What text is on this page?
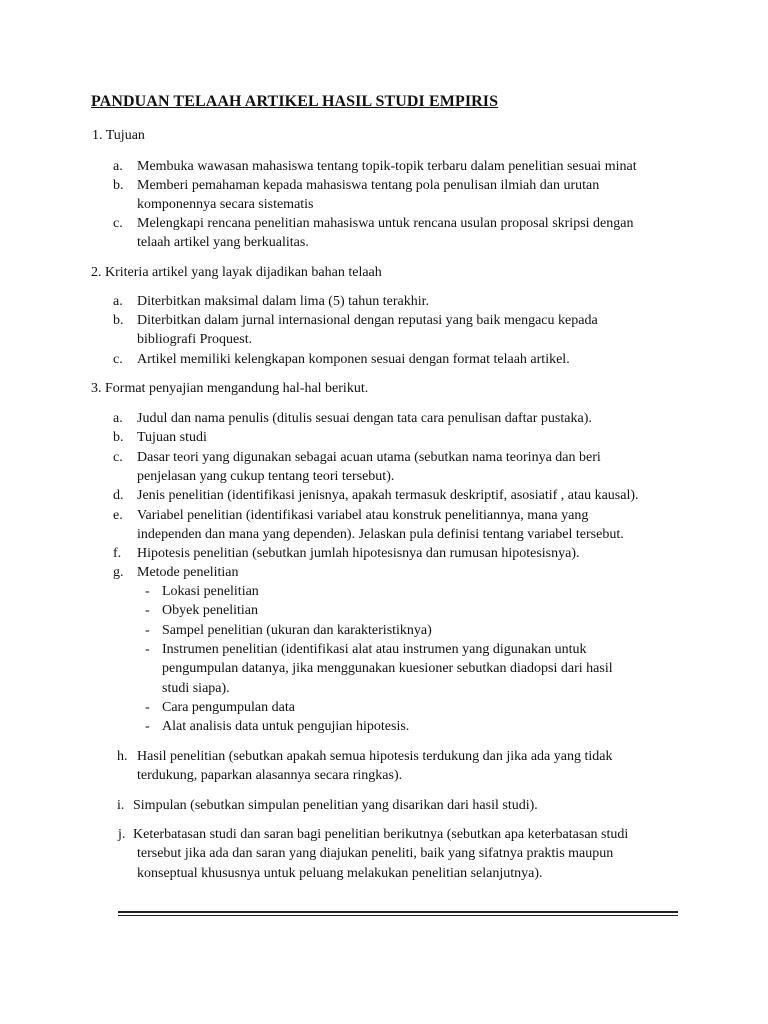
PANDUAN TELAAH ARTIKEL HASIL STUDI EMPIRIS

1. Tujuan

a. Membuka wawasan mahasiswa tentang topik-topik terbaru dalam penelitian sesuai minat

b. Memberi pemahaman kepada mahasiswa tentang pola penulisan ilmiah dan urutan

komponennya secara sistematis

c. Melengkapi rencana penelitian mahasiswa untuk rencana usulan proposal skripsi dengan

telaah artikel yang berkualitas.

2. Kriteria artikel yang layak dijadikan bahan telaah

a. Diterbitkan maksimal dalam lima (5) tahun terakhir.

b. Diterbitkan dalam jurnal internasional dengan reputasi yang baik mengacu kepada

bibliografi Proquest.

c. Artikel memiliki kelengkapan komponen sesuai dengan format telaah artikel.

3. Format penyajian mengandung hal-hal berikut.

a. Judul dan nama penulis (ditulis sesuai dengan tata cara penulisan daftar pustaka).

b. Tujuan studi

c. Dasar teori yang digunakan sebagai acuan utama (sebutkan nama teorinya dan beri

penjelasan yang cukup tentang teori tersebut).

d. Jenis penelitian (identifikasi jenisnya, apakah termasuk deskriptif, asosiatif , atau kausal).

e. Variabel penelitian (identifikasi variabel atau konstruk penelitiannya, mana yang

independen dan mana yang dependen). Jelaskan pula definisi tentang variabel tersebut.

f. Hipotesis penelitian (sebutkan jumlah hipotesisnya dan rumusan hipotesisnya).

g. Metode penelitian

- Lokasi penelitian

- Obyek penelitian

- Sampel penelitian (ukuran dan karakteristiknya)

- Instrumen penelitian (identifikasi alat atau instrumen yang digunakan untuk

pengumpulan datanya, jika menggunakan kuesioner sebutkan diadopsi dari hasil

studi siapa).

- Cara pengumpulan data

- Alat analisis data untuk pengujian hipotesis.

h. Hasil penelitian (sebutkan apakah semua hipotesis terdukung dan jika ada yang tidak

terdukung, paparkan alasannya secara ringkas).

i. Simpulan (sebutkan simpulan penelitian yang disarikan dari hasil studi).

j. Keterbatasan studi dan saran bagi penelitian berikutnya (sebutkan apa keterbatasan studi

tersebut jika ada dan saran yang diajukan peneliti, baik yang sifatnya praktis maupun

konseptual khususnya untuk peluang melakukan penelitian selanjutnya).
